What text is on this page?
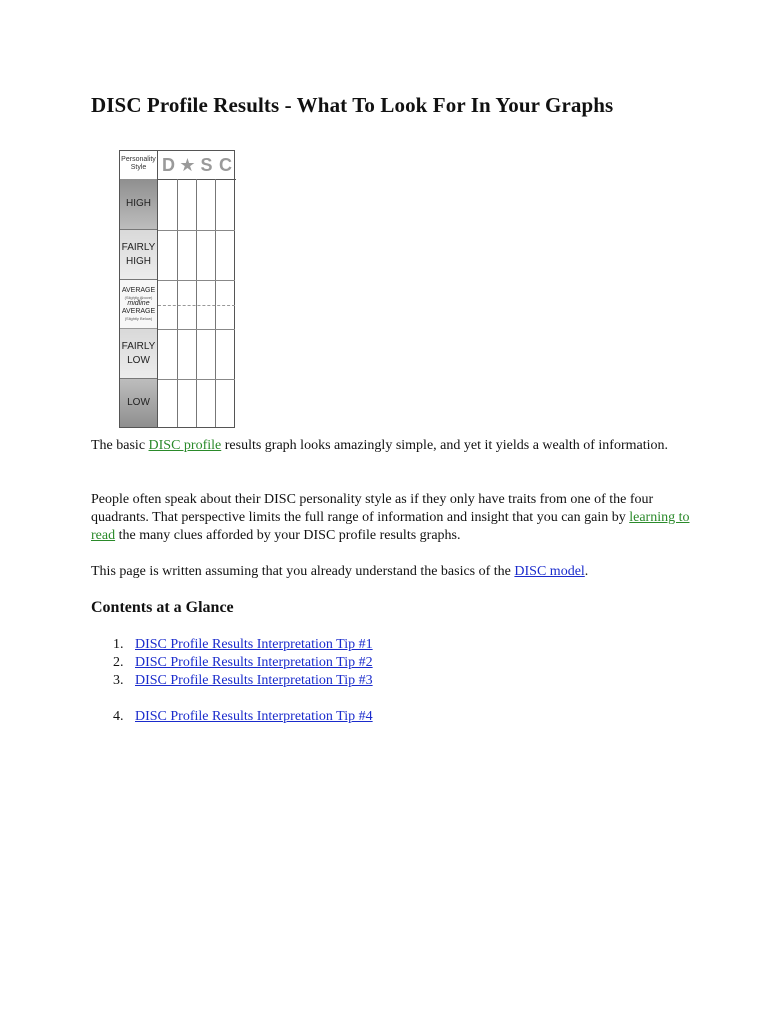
DISC Profile Results - What To Look For In Your Graphs
Personality
Style D ★ S C
HIGH
FAIRLY
HIGH
AVERAGE
(Slightly Above)
midline
AVERAGE
(Slightly Below)
FAIRLY
LOW
LOW

The basic DISC profile results graph looks amazingly simple, and yet it yields a wealth of information.

People often speak about their DISC personality style as if they only have traits from one of the four quadrants. That perspective limits the full range of information and insight that you can gain by learning to read the many clues afforded by your DISC profile results graphs.

This page is written assuming that you already understand the basics of the DISC model.

Contents at a Glance
1. DISC Profile Results Interpretation Tip #1
2. DISC Profile Results Interpretation Tip #2
3. DISC Profile Results Interpretation Tip #3
4. DISC Profile Results Interpretation Tip #4
